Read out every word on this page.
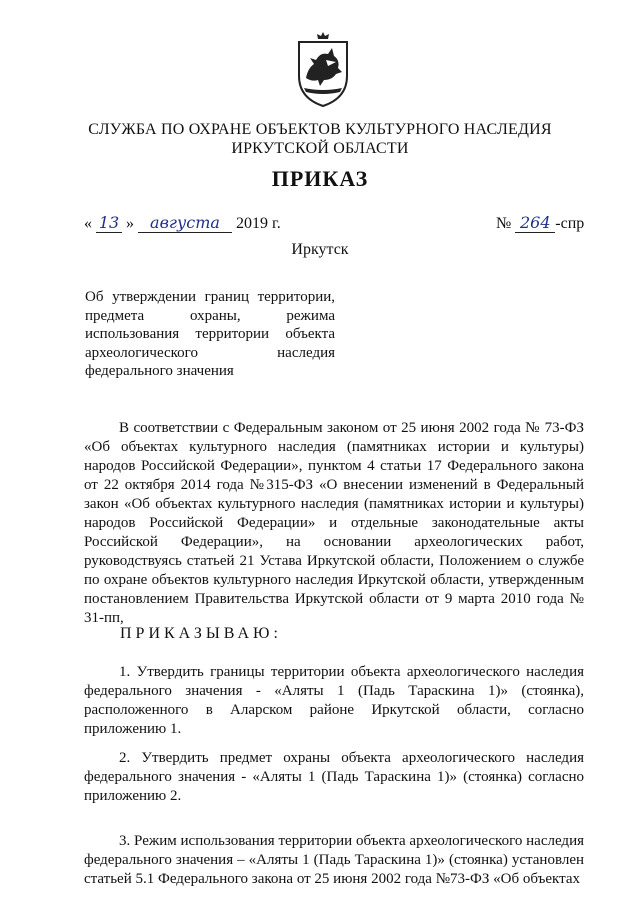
СЛУЖБА ПО ОХРАНЕ ОБЪЕКТОВ КУЛЬТУРНОГО НАСЛЕДИЯ
ИРКУТСКОЙ ОБЛАСТИ
ПРИКАЗ
« 13 » августа 2019 г.	№ 264 -спр
Иркутск
Об утверждении границ территории,
предмета охраны, режима
использования территории объекта
археологического наследия
федерального значения
В соответствии с Федеральным законом от 25 июня 2002 года № 73-ФЗ «Об объектах культурного наследия (памятниках истории и культуры) народов Российской Федерации», пунктом 4 статьи 17 Федерального закона от 22 октября 2014 года №315-ФЗ «О внесении изменений в Федеральный закон «Об объектах культурного наследия (памятниках истории и культуры) народов Российской Федерации» и отдельные законодательные акты Российской Федерации», на основании археологических работ, руководствуясь статьей 21 Устава Иркутской области, Положением о службе по охране объектов культурного наследия Иркутской области, утвержденным постановлением Правительства Иркутской области от 9 марта 2010 года № 31-пп,
ПРИКАЗЫВАЮ:
1. Утвердить границы территории объекта археологического наследия федерального значения - «Аляты 1 (Падь Тараскина 1)» (стоянка), расположенного в Аларском районе Иркутской области, согласно приложению 1.
2. Утвердить предмет охраны объекта археологического наследия федерального значения - «Аляты 1 (Падь Тараскина 1)» (стоянка) согласно приложению 2.
3. Режим использования территории объекта археологического наследия федерального значения – «Аляты 1 (Падь Тараскина 1)» (стоянка) установлен статьей 5.1 Федерального закона от 25 июня 2002 года №73-ФЗ «Об объектах
